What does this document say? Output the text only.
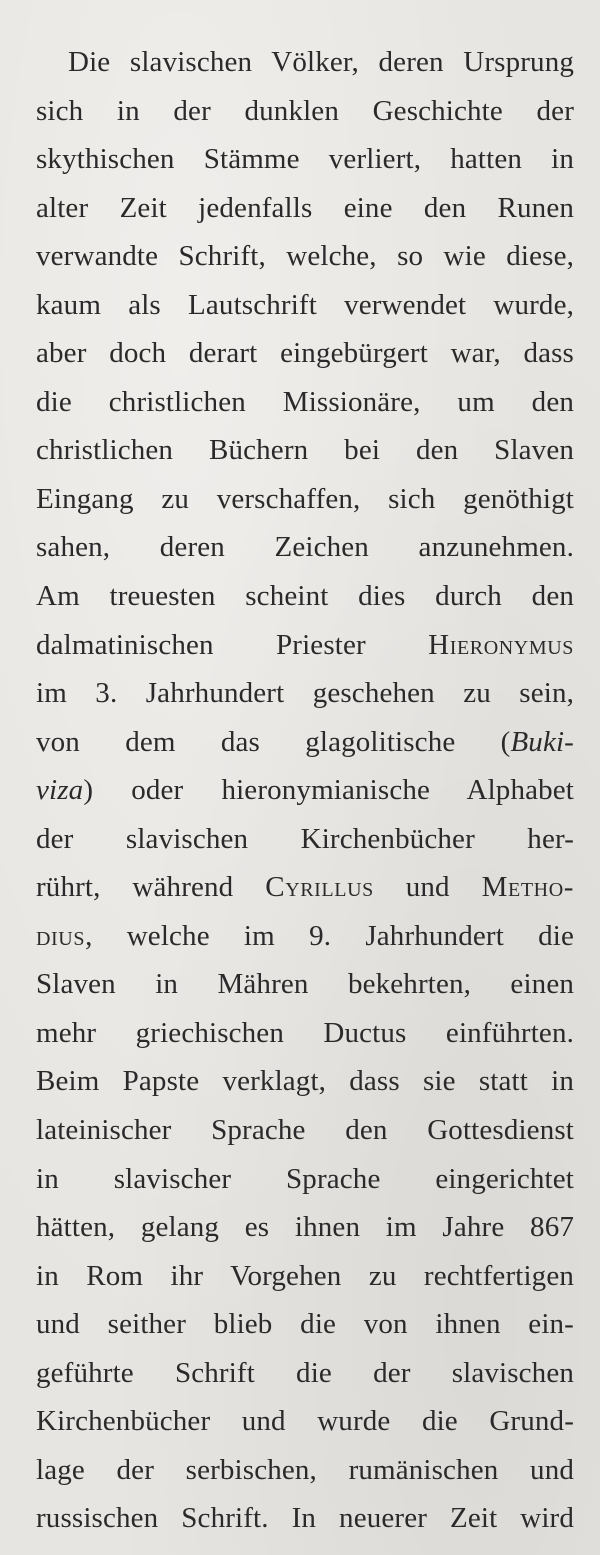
Die slavischen Völker, deren Ursprung
sich in der dunklen Geschichte der
skythischen Stämme verliert, hatten in
alter Zeit jedenfalls eine den Runen
verwandte Schrift, welche, so wie diese,
kaum als Lautschrift verwendet wurde,
aber doch derart eingebürgert war, dass
die christlichen Missionäre, um den
christlichen Büchern bei den Slaven
Eingang zu verschaffen, sich genöthigt
sahen, deren Zeichen anzunehmen.
Am treuesten scheint dies durch den
dalmatinischen Priester Hieronymus
im 3. Jahrhundert geschehen zu sein,
von dem das glagolitische (Buki-
viza) oder hieronymianische Alphabet
der slavischen Kirchenbücher her-
rührt, während Cyrillus und Metho-
dius, welche im 9. Jahrhundert die
Slaven in Mähren bekehrten, einen
mehr griechischen Ductus einführten.
Beim Papste verklagt, dass sie statt in
lateinischer Sprache den Gottesdienst
in slavischer Sprache eingerichtet
hätten, gelang es ihnen im Jahre 867
in Rom ihr Vorgehen zu rechtfertigen
und seither blieb die von ihnen ein-
geführte Schrift die der slavischen
Kirchenbücher und wurde die Grund-
lage der serbischen, rumänischen und
russischen Schrift. In neuerer Zeit wird
